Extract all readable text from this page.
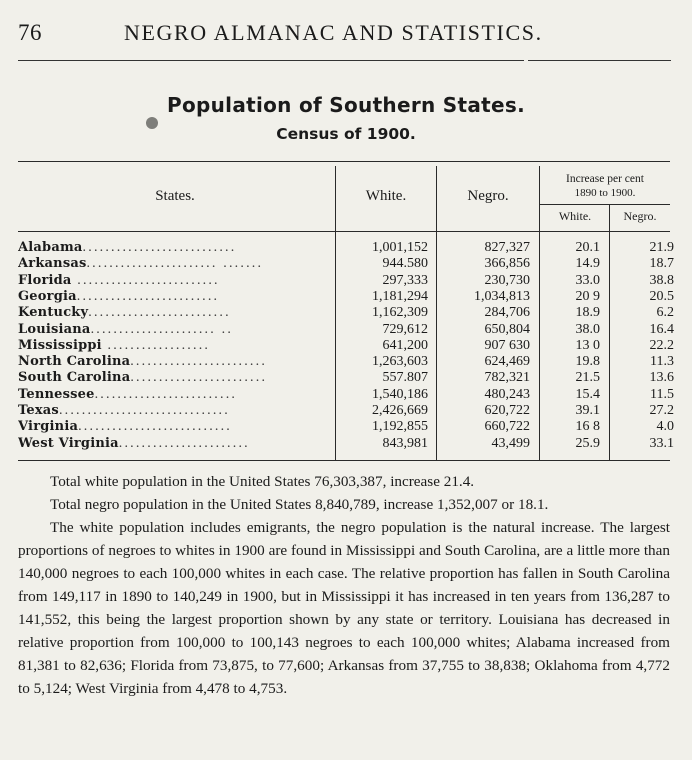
76	NEGRO ALMANAC AND STATISTICS.
Population of Southern States.
Census of 1900.
States.	White.	Negro.
Increase per cent
1890 to 1900.
White.	Negro.
Alabama...........................	1,001,152	827,327	20.1	21.9
Arkansas....................... .......	944.580	366,856	14.9	18.7
Florida .........................	297,333	230,730	33.0	38.8
Georgia.........................	1,181,294	1,034,813	20 9	20.5
Kentucky.........................	1,162,309	284,706	18.9	6.2
Louisiana...................... ..	729,612	650,804	38.0	16.4
Mississippi ..................	641,200	907 630	13 0	22.2
North Carolina........................	1,263,603	624,469	19.8	11.3
South Carolina........................	557.807	782,321	21.5	13.6
Tennessee.........................	1,540,186	480,243	15.4	11.5
Texas..............................	2,426,669	620,722	39.1	27.2
Virginia...........................	1,192,855	660,722	16 8	4.0
West Virginia.......................	843,981	43,499	25.9	33.1

Total white population in the United States 76,303,387, increase 21.4.

Total negro population in the United States 8,840,789, increase 1,352,007 or 18.1.

The white population includes emigrants, the negro population is the natural increase. The largest proportions of negroes to whites in 1900 are found in Mississippi and South Carolina, are a little more than 140,000 negroes to each 100,000 whites in each case. The relative proportion has fallen in South Carolina from 149,117 in 1890 to 140,249 in 1900, but in Mississippi it has increased in ten years from 136,287 to 141,552, this being the largest proportion shown by any state or territory. Louisiana has decreased in relative proportion from 100,000 to 100,143 negroes to each 100,000 whites; Alabama increased from 81,381 to 82,636; Florida from 73,875, to 77,600; Arkansas from 37,755 to 38,838; Oklahoma from 4,772 to 5,124; West Virginia from 4,478 to 4,753.
